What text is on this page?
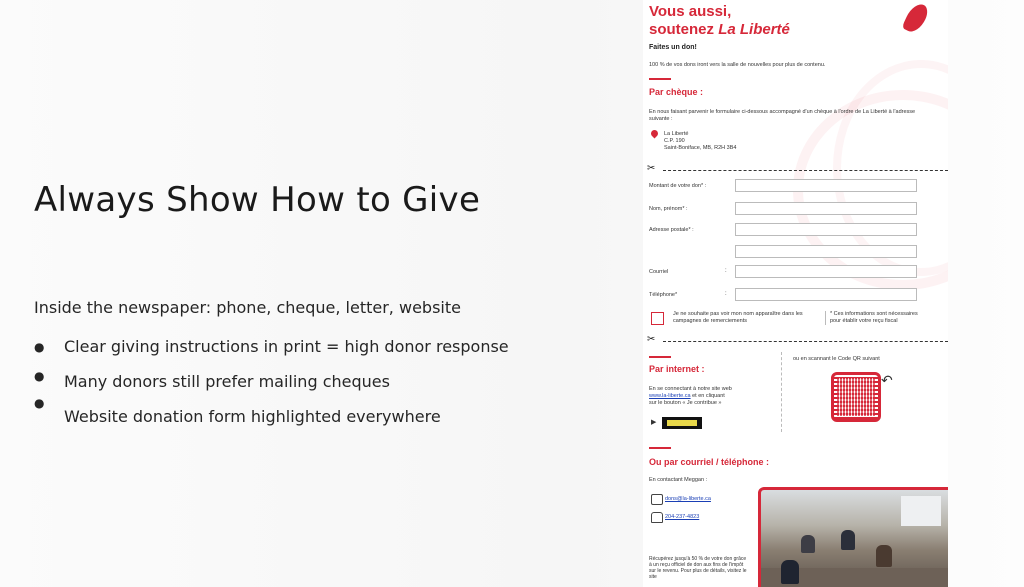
Always Show How to Give
Inside the newspaper: phone, cheque, letter, website
● Clear giving instructions in print = high donor response
● Many donors still prefer mailing cheques
●
Website donation form highlighted everywhere
Vous aussi,
soutenez La Liberté
Faites un don!
100 % de vos dons iront vers la salle de nouvelles pour plus de contenu.
Par chèque :
En nous faisant parvenir le formulaire ci-dessous accompagné d'un chèque à l'ordre de La Liberté à l'adresse suivante :
La Liberté
C.P. 190
Saint-Boniface, MB, R2H 3B4
✂
Montant de votre don* :
Nom, prénom* :
Adresse postale* :
Courriel	:
Téléphone*	:
Je ne souhaite pas voir mon nom apparaître dans les campagnes de remerciements
* Ces informations sont nécessaires pour établir votre reçu fiscal
✂
Par internet :
En se connectant à notre site web
www.la-liberte.ca et en cliquant
sur le bouton « Je contribue »
▶
ou en scannant le Code QR suivant
↶
Ou par courriel / téléphone :
En contactant Meggan :
dons@la-liberte.ca
204-237-4823
Récupérez jusqu'à 50 % de votre don grâce à un reçu officiel de don aux fins de l'impôt sur le revenu. Pour plus de détails, visitez le site
